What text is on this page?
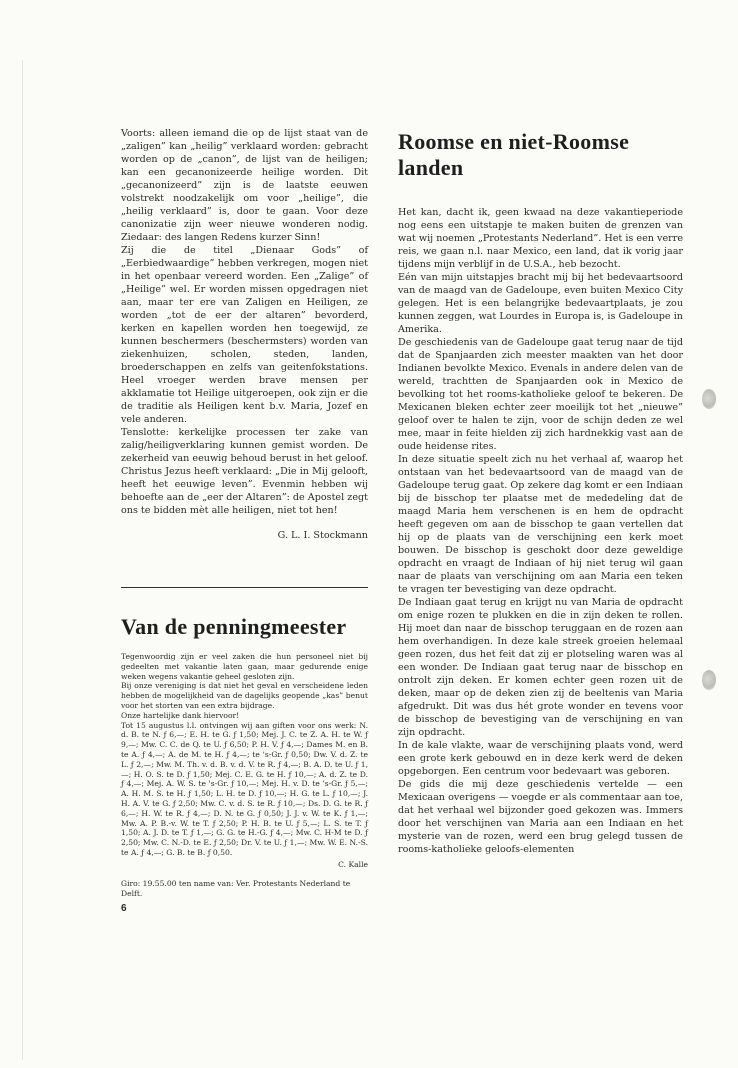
Voorts: alleen iemand die op de lijst staat van de „zaligen” kan „heilig” verklaard worden: gebracht worden op de „canon”, de lijst van de heiligen; kan een gecanonizeerde heilige worden. Dit „gecanonizeerd” zijn is de laatste eeuwen volstrekt noodzakelijk om voor „heilige”, die „heilig verklaard” is, door te gaan. Voor deze canonizatie zijn weer nieuwe wonderen nodig. Ziedaar: des langen Redens kurzer Sinn!

Zij die de titel „Dienaar Gods” of „Eerbiedwaardige” hebben verkregen, mogen niet in het openbaar vereerd worden. Een „Zalige” of „Heilige” wel. Er worden missen opgedragen niet aan, maar ter ere van Zaligen en Heiligen, ze worden „tot de eer der altaren” bevorderd, kerken en kapellen worden hen toegewijd, ze kunnen beschermers (beschermsters) worden van ziekenhuizen, scholen, steden, landen, broederschappen en zelfs van geitenfokstations. Heel vroeger werden brave mensen per akklamatie tot Heilige uitgeroepen, ook zijn er die de traditie als Heiligen kent b.v. Maria, Jozef en vele anderen.

Tenslotte: kerkelijke processen ter zake van zalig/heiligverklaring kunnen gemist worden. De zekerheid van eeuwig behoud berust in het geloof. Christus Jezus heeft verklaard: „Die in Mij gelooft, heeft het eeuwige leven”. Evenmin hebben wij behoefte aan de „eer der Altaren”: de Apostel zegt ons te bidden mèt alle heiligen, niet tot hen!

G. L. I. Stockmann
Van de penningmeester

Tegenwoordig zijn er veel zaken die hun personeel niet bij gedeelten met vakantie laten gaan, maar gedurende enige weken wegens vakantie geheel gesloten zijn.

Bij onze vereniging is dat niet het geval en verscheidene leden hebben de mogelijkheid van de dagelijks geopende „kas” benut voor het storten van een extra bijdrage.

Onze hartelijke dank hiervoor!

Tot 15 augustus l.l. ontvingen wij aan giften voor ons werk: N. d. B. te N. ƒ 6,—; E. H. te G. ƒ 1,50; Mej. J. C. te Z. A. H. te W. ƒ 9,—; Mw. C. C. de Q. te U. ƒ 6,50; P. H. V. ƒ 4,—; Dames M. en B. te A. ƒ 4,—; A. de M. te H. ƒ 4,—; te 's-Gr. ƒ 0,50; Dw. V. d. Z. te L. ƒ 2,—; Mw. M. Th. v. d. B. v. d. V. te R. ƒ 4,—; B. A. D. te U. ƒ 1,—; H. O. S. te D. ƒ 1,50; Mej. C. E. G. te H. ƒ 10,—; A. d. Z. te D. ƒ 4,—; Mej. A. W. S. te 's-Gr. ƒ 10,—; Mej. H. v. D. te 's-Gr. ƒ 5,—; A. H. M. S. te H. ƒ 1,50; L. H. te D. ƒ 10,—; H. G. te L. ƒ 10,—; J. H. A. V. te G. ƒ 2,50; Mw. C. v. d. S. te R. ƒ 10,—; Ds. D. G. te R. ƒ 6,—; H. W. te R. ƒ 4,—; D. N. te G. ƒ 0,50; J. J. v. W. te K. ƒ 1,—; Mw. A. P. B.-v. W. te T. ƒ 2,50; P. H. B. te U. ƒ 5,—; L. S. te T. ƒ 1,50; A. J. D. te T. ƒ 1,—; G. G. te H.-G. ƒ 4,—; Mw. C. H-M te D. ƒ 2,50; Mw. C. N.-D. te E. ƒ 2,50; Dr. V. te U. ƒ 1,—; Mw. W. E. N.-S. te A. ƒ 4,—; G. B. te B. ƒ 0,50.

C. Kalle
Giro: 19.55.00 ten name van: Ver. Protestants Nederland te Delft.
6
Roomse en niet-Roomse landen

Het kan, dacht ik, geen kwaad na deze vakantieperiode nog eens een uitstapje te maken buiten de grenzen van wat wij noemen „Protestants Nederland”. Het is een verre reis, we gaan n.l. naar Mexico, een land, dat ik vorig jaar tijdens mijn verblijf in de U.S.A., heb bezocht.

Eén van mijn uitstapjes bracht mij bij het bedevaartsoord van de maagd van de Gadeloupe, even buiten Mexico City gelegen. Het is een belangrijke bedevaartplaats, je zou kunnen zeggen, wat Lourdes in Europa is, is Gadeloupe in Amerika.

De geschiedenis van de Gadeloupe gaat terug naar de tijd dat de Spanjaarden zich meester maakten van het door Indianen bevolkte Mexico. Evenals in andere delen van de wereld, trachtten de Spanjaarden ook in Mexico de bevolking tot het rooms-katholieke geloof te bekeren. De Mexicanen bleken echter zeer moeilijk tot het „nieuwe” geloof over te halen te zijn, voor de schijn deden ze wel mee, maar in feite hielden zij zich hardnekkig vast aan de oude heidense rites.

In deze situatie speelt zich nu het verhaal af, waarop het ontstaan van het bedevaartsoord van de maagd van de Gadeloupe terug gaat. Op zekere dag komt er een Indiaan bij de bisschop ter plaatse met de mededeling dat de maagd Maria hem verschenen is en hem de opdracht heeft gegeven om aan de bisschop te gaan vertellen dat hij op de plaats van de verschijning een kerk moet bouwen. De bisschop is geschokt door deze geweldige opdracht en vraagt de Indiaan of hij niet terug wil gaan naar de plaats van verschijning om aan Maria een teken te vragen ter bevestiging van deze opdracht.

De Indiaan gaat terug en krijgt nu van Maria de opdracht om enige rozen te plukken en die in zijn deken te rollen. Hij moet dan naar de bisschop teruggaan en de rozen aan hem overhandigen. In deze kale streek groeien helemaal geen rozen, dus het feit dat zij er plotseling waren was al een wonder. De Indiaan gaat terug naar de bisschop en ontrolt zijn deken. Er komen echter geen rozen uit de deken, maar op de deken zien zij de beeltenis van Maria afgedrukt. Dit was dus hét grote wonder en tevens voor de bisschop de bevestiging van de verschijning en van zijn opdracht.

In de kale vlakte, waar de verschijning plaats vond, werd een grote kerk gebouwd en in deze kerk werd de deken opgeborgen. Een centrum voor bedevaart was geboren.

De gids die mij deze geschiedenis vertelde — een Mexicaan overigens — voegde er als commentaar aan toe, dat het verhaal wel bijzonder goed gekozen was. Immers door het verschijnen van Maria aan een Indiaan en het mysterie van de rozen, werd een brug gelegd tussen de rooms-katholieke geloofs-elementen
